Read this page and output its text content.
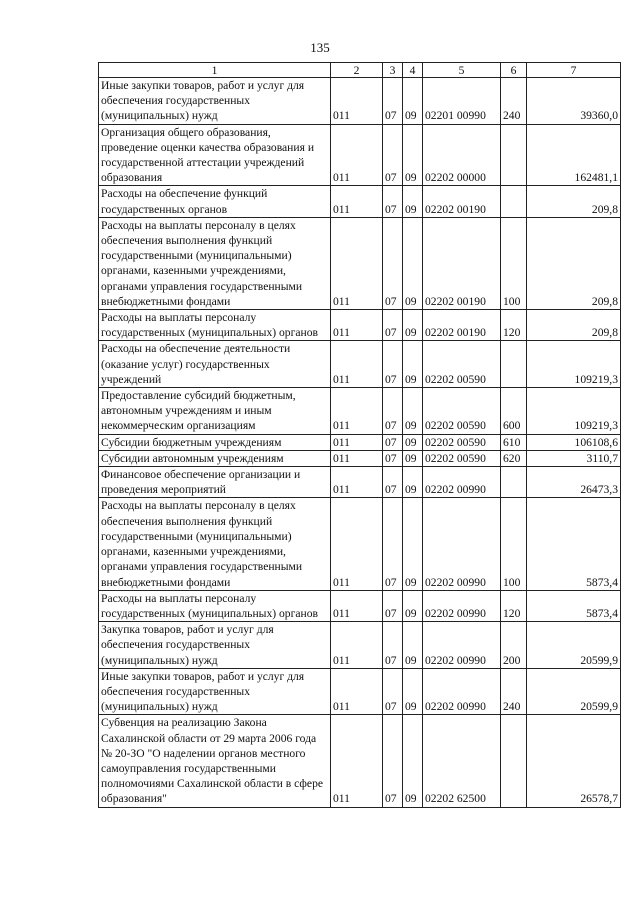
135
1	2	3	4	5	6	7
Иные закупки товаров, работ и услуг для обеспечения государственных (муниципальных) нужд	011	07	09	02201 00990	240	39360,0
Организация общего образования, проведение оценки качества образования и государственной аттестации учреждений образования	011	07	09	02202 00000		162481,1
Расходы на обеспечение функций государственных органов	011	07	09	02202 00190		209,8
Расходы на выплаты персоналу в целях обеспечения выполнения функций государственными (муниципальными) органами, казенными учреждениями, органами управления государственными внебюджетными фондами	011	07	09	02202 00190	100	209,8
Расходы на выплаты персоналу государственных (муниципальных) органов	011	07	09	02202 00190	120	209,8
Расходы на обеспечение деятельности (оказание услуг) государственных учреждений	011	07	09	02202 00590		109219,3
Предоставление субсидий бюджетным, автономным учреждениям и иным некоммерческим организациям	011	07	09	02202 00590	600	109219,3
Субсидии бюджетным учреждениям	011	07	09	02202 00590	610	106108,6
Субсидии автономным учреждениям	011	07	09	02202 00590	620	3110,7
Финансовое обеспечение организации и проведения мероприятий	011	07	09	02202 00990		26473,3
Расходы на выплаты персоналу в целях обеспечения выполнения функций государственными (муниципальными) органами, казенными учреждениями, органами управления государственными внебюджетными фондами	011	07	09	02202 00990	100	5873,4
Расходы на выплаты персоналу государственных (муниципальных) органов	011	07	09	02202 00990	120	5873,4
Закупка товаров, работ и услуг для обеспечения государственных (муниципальных) нужд	011	07	09	02202 00990	200	20599,9
Иные закупки товаров, работ и услуг для обеспечения государственных (муниципальных) нужд	011	07	09	02202 00990	240	20599,9
Субвенция на реализацию Закона Сахалинской области от 29 марта 2006 года № 20-ЗО "О наделении органов местного самоуправления государственными полномочиями Сахалинской области в сфере образования"	011	07	09	02202 62500		26578,7
